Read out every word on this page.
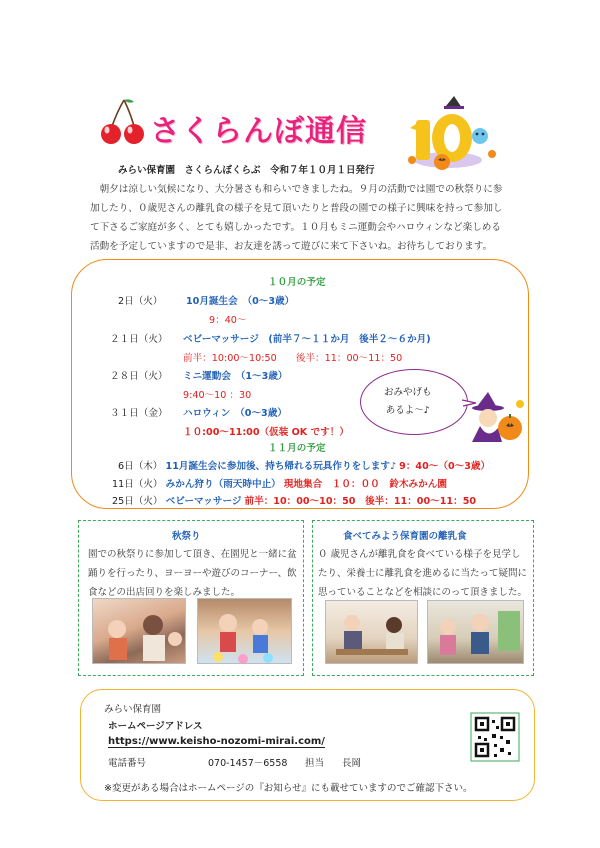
さくらんぼ通信
みらい保育園　さくらんぼくらぶ　令和７年１０月１日発行

朝夕は涼しい気候になり、大分暑さも和らいできましたね。９月の活動では園での秋祭りに参加したり、０歳児さんの離乳食の様子を見て頂いたりと普段の園での様子に興味を持って参加して下さるご家庭が多く、とても嬉しかったです。１０月もミニ運動会やハロウィンなど楽しめる活動を予定していますので是非、お友達を誘って遊びに来て下さいね。お待ちしております。

１０月の予定
2日（火） 10月誕生会　（0～3歳）
9：40～
２１日（火） ベビーマッサージ　(前半７～１１か月　後半２～６か月)
前半：10:00～10:50　　後半：11：00～11：50
２８日（火） ミニ運動会　（1～3歳）
9:40～10 ：30
３１日（金） ハロウィン　（0～3歳）
１０:00～11:00（仮装 OK です！）
１１月の予定
6日（木） 11月誕生会に参加後、持ち帰れる玩具作りをします♪ 9：40～（0～3歳）
11日（火） みかん狩り（雨天時中止） 現地集合　１０：００　鈴木みかん園
25日（火） ベビーマッサージ 前半：10：00～10：50　後半：11：00～11：50
おみやげも
あるよ～♪
秋祭り
園での秋祭りに参加して頂き、在園児と一緒に盆踊りを行ったり、ヨーヨーや遊びのコーナー、飲食などの出店回りを楽しみました。
食べてみよう保育園の離乳食
０ 歳児さんが離乳食を食べている様子を見学したり、栄養士に離乳食を進めるに当たって疑問に思っていることなどを相談にのって頂きました。
みらい保育園
ホームページアドレス
https://www.keisho-nozomi-mirai.com/
電話番号	070-1457－6558 担当 長岡
※変更がある場合はホームページの『お知らせ』にも載せていますのでご確認下さい。
